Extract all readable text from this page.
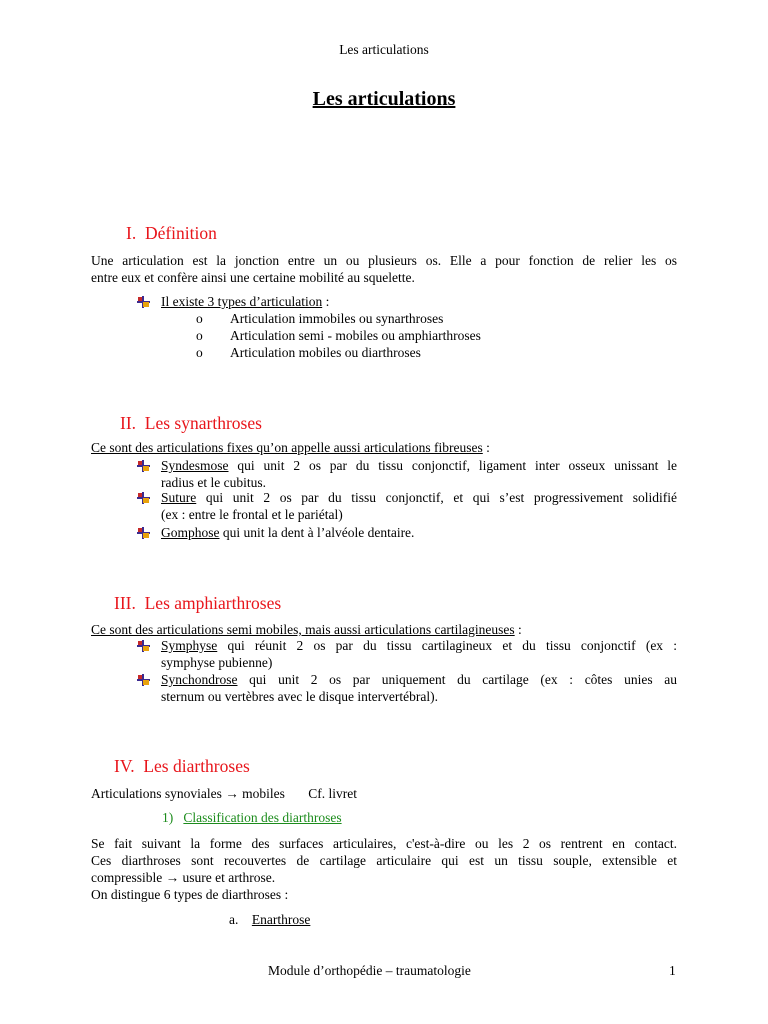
Les articulations
Les articulations
I. Définition
Une articulation est la jonction entre un ou plusieurs os. Elle a pour fonction de relier les os
entre eux et confère ainsi une certaine mobilité au squelette.
Il existe 3 types d’articulation :
o Articulation immobiles ou synarthroses
o Articulation semi - mobiles ou amphiarthroses
o Articulation mobiles ou diarthroses
II. Les synarthroses
Ce sont des articulations fixes qu’on appelle aussi articulations fibreuses :
Syndesmose qui unit 2 os par du tissu conjonctif, ligament inter osseux unissant le
radius et le cubitus.
Suture qui unit 2 os par du tissu conjonctif, et qui s’est progressivement solidifié
(ex : entre le frontal et le pariétal)
Gomphose qui unit la dent à l’alvéole dentaire.
III. Les amphiarthroses
Ce sont des articulations semi mobiles, mais aussi articulations cartilagineuses :
Symphyse qui réunit 2 os par du tissu cartilagineux et du tissu conjonctif (ex :
symphyse pubienne)
Synchondrose qui unit 2 os par uniquement du cartilage (ex : côtes unies au
sternum ou vertèbres avec le disque intervertébral).
IV. Les diarthroses
Articulations synoviales → mobiles Cf. livret
1) Classification des diarthroses
Se fait suivant la forme des surfaces articulaires, c'est-à-dire ou les 2 os rentrent en contact.
Ces diarthroses sont recouvertes de cartilage articulaire qui est un tissu souple, extensible et
compressible → usure et arthrose.
On distingue 6 types de diarthroses :
a. Enarthrose
Module d’orthopédie – traumatologie	1
